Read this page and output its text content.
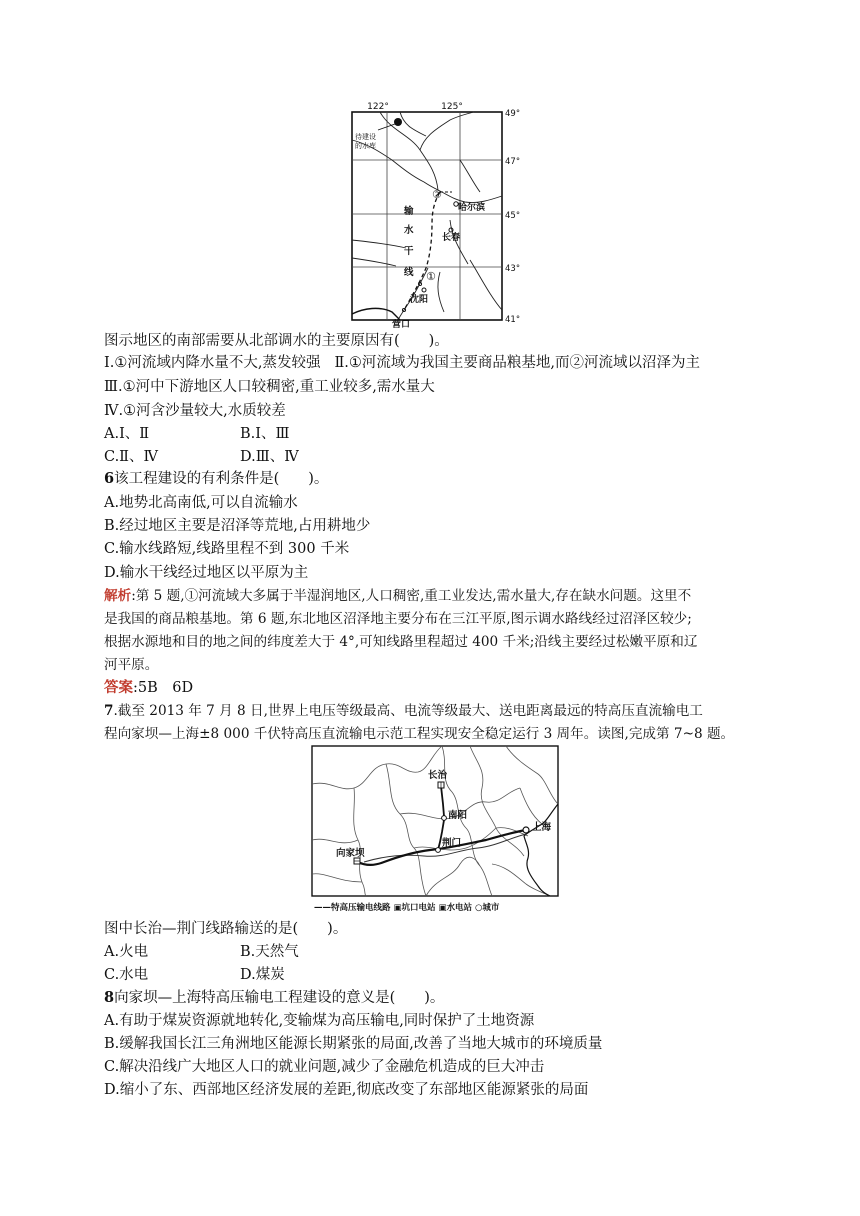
122°	125°
49°
47°
45°
43°
41°
待建设
的水库
②
①
哈尔滨
长春
沈阳
营口
输
水
干
线
图示地区的南部需要从北部调水的主要原因有(　　)。
Ⅰ.①河流域内降水量不大,蒸发较强 Ⅱ.①河流域为我国主要商品粮基地,而②河流域以沼泽为主
Ⅲ.①河中下游地区人口较稠密,重工业较多,需水量大
Ⅳ.①河含沙量较大,水质较差
A.Ⅰ、Ⅱ	B.Ⅰ、Ⅲ
C.Ⅱ、Ⅳ	D.Ⅲ、Ⅳ
6该工程建设的有利条件是(　　)。
A.地势北高南低,可以自流输水
B.经过地区主要是沼泽等荒地,占用耕地少
C.输水线路短,线路里程不到 300 千米
D.输水干线经过地区以平原为主
解析:第 5 题,①河流域大多属于半湿润地区,人口稠密,重工业发达,需水量大,存在缺水问题。这里不
是我国的商品粮基地。第 6 题,东北地区沼泽地主要分布在三江平原,图示调水路线经过沼泽区较少;
根据水源地和目的地之间的纬度差大于 4°,可知线路里程超过 400 千米;沿线主要经过松嫩平原和辽
河平原。
答案:5B　6D
7.截至 2013 年 7 月 8 日,世界上电压等级最高、电流等级最大、送电距离最远的特高压直流输电工
程向家坝—上海±8 000 千伏特高压直流输电示范工程实现安全稳定运行 3 周年。读图,完成第 7~8 题。
长治
南阳
荆门
上海
向家坝
——特高压输电线路 ▣坑口电站 ▣水电站 ○城市
图中长治—荆门线路输送的是(　　)。
A.火电	B.天然气
C.水电	D.煤炭
8向家坝—上海特高压输电工程建设的意义是(　　)。
A.有助于煤炭资源就地转化,变输煤为高压输电,同时保护了土地资源
B.缓解我国长江三角洲地区能源长期紧张的局面,改善了当地大城市的环境质量
C.解决沿线广大地区人口的就业问题,减少了金融危机造成的巨大冲击
D.缩小了东、西部地区经济发展的差距,彻底改变了东部地区能源紧张的局面
